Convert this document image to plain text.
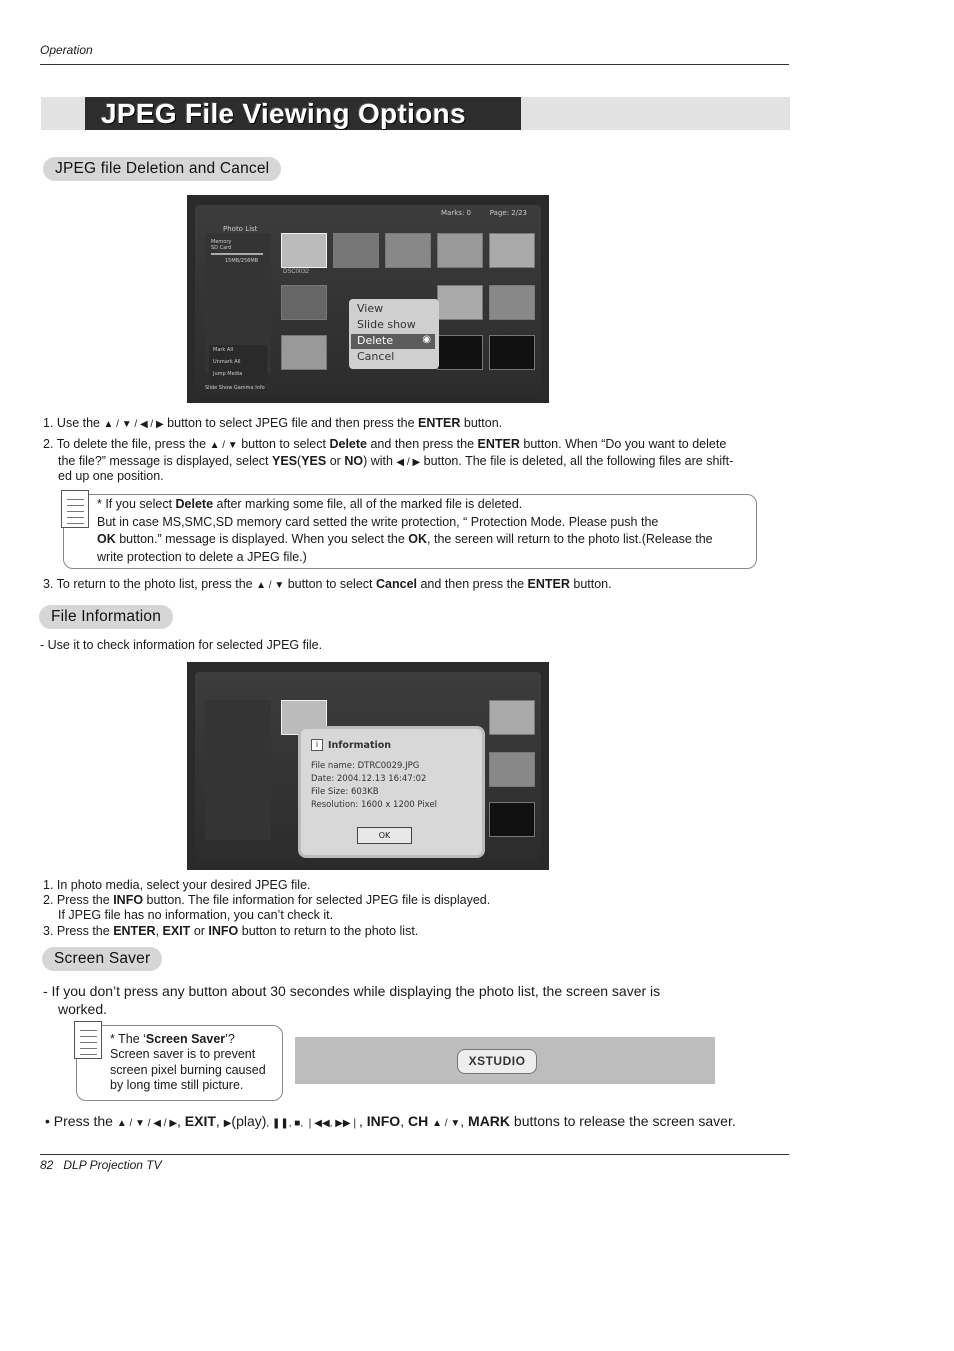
Operation
JPEG File Viewing Options
JPEG file Deletion and Cancel
Marks: 0	Page: 2/23
Photo List
Memory
SD Card
15MB/256MB
Mark All
Unmark All
Jump Media
DSC0032
View
Slide show
Delete	◉
Cancel
Slide Show Gamma Info
1. Use the ▲ / ▼ / ◀ / ▶ button to select JPEG file and then press the ENTER button.
2. To delete the file, press the ▲ / ▼ button to select Delete and then press the ENTER button. When “Do you want to delete
the file?” message is displayed, select YES(YES or NO) with ◀ / ▶ button. The file is deleted, all the following files are shift-
ed up one position.
* If you select Delete after marking some file, all of the marked file is deleted.
But in case MS,SMC,SD memory card setted the write protection, “ Protection Mode. Please push the
OK button.” message is displayed. When you select the OK, the sereen will return to the photo list.(Release the
write protection to delete a JPEG file.)
3. To return to the photo list, press the ▲ / ▼ button to select Cancel and then press the ENTER button.
File Information
- Use it to check information for selected JPEG file.
i	Information
File name: DTRC0029.JPG
Date: 2004.12.13 16:47:02
File Size: 603KB
Resolution: 1600 x 1200 Pixel
OK
1. In photo media, select your desired JPEG file.
2. Press the INFO button. The file information for selected JPEG file is displayed.
If JPEG file has no information, you can’t check it.
3. Press the ENTER, EXIT or INFO button to return to the photo list.
Screen Saver
- If you don’t press any button about 30 secondes while displaying the photo list, the screen saver is
worked.
* The ‘Screen Saver’?
Screen saver is to prevent
screen pixel burning caused
by long time still picture.
XSTUDIO
• Press the ▲ / ▼ / ◀ / ▶, EXIT, ▶(play), ❚❚, ■, ❘◀◀, ▶▶❘, INFO, CH ▲ / ▼, MARK buttons to release the screen saver.
82 DLP Projection TV
